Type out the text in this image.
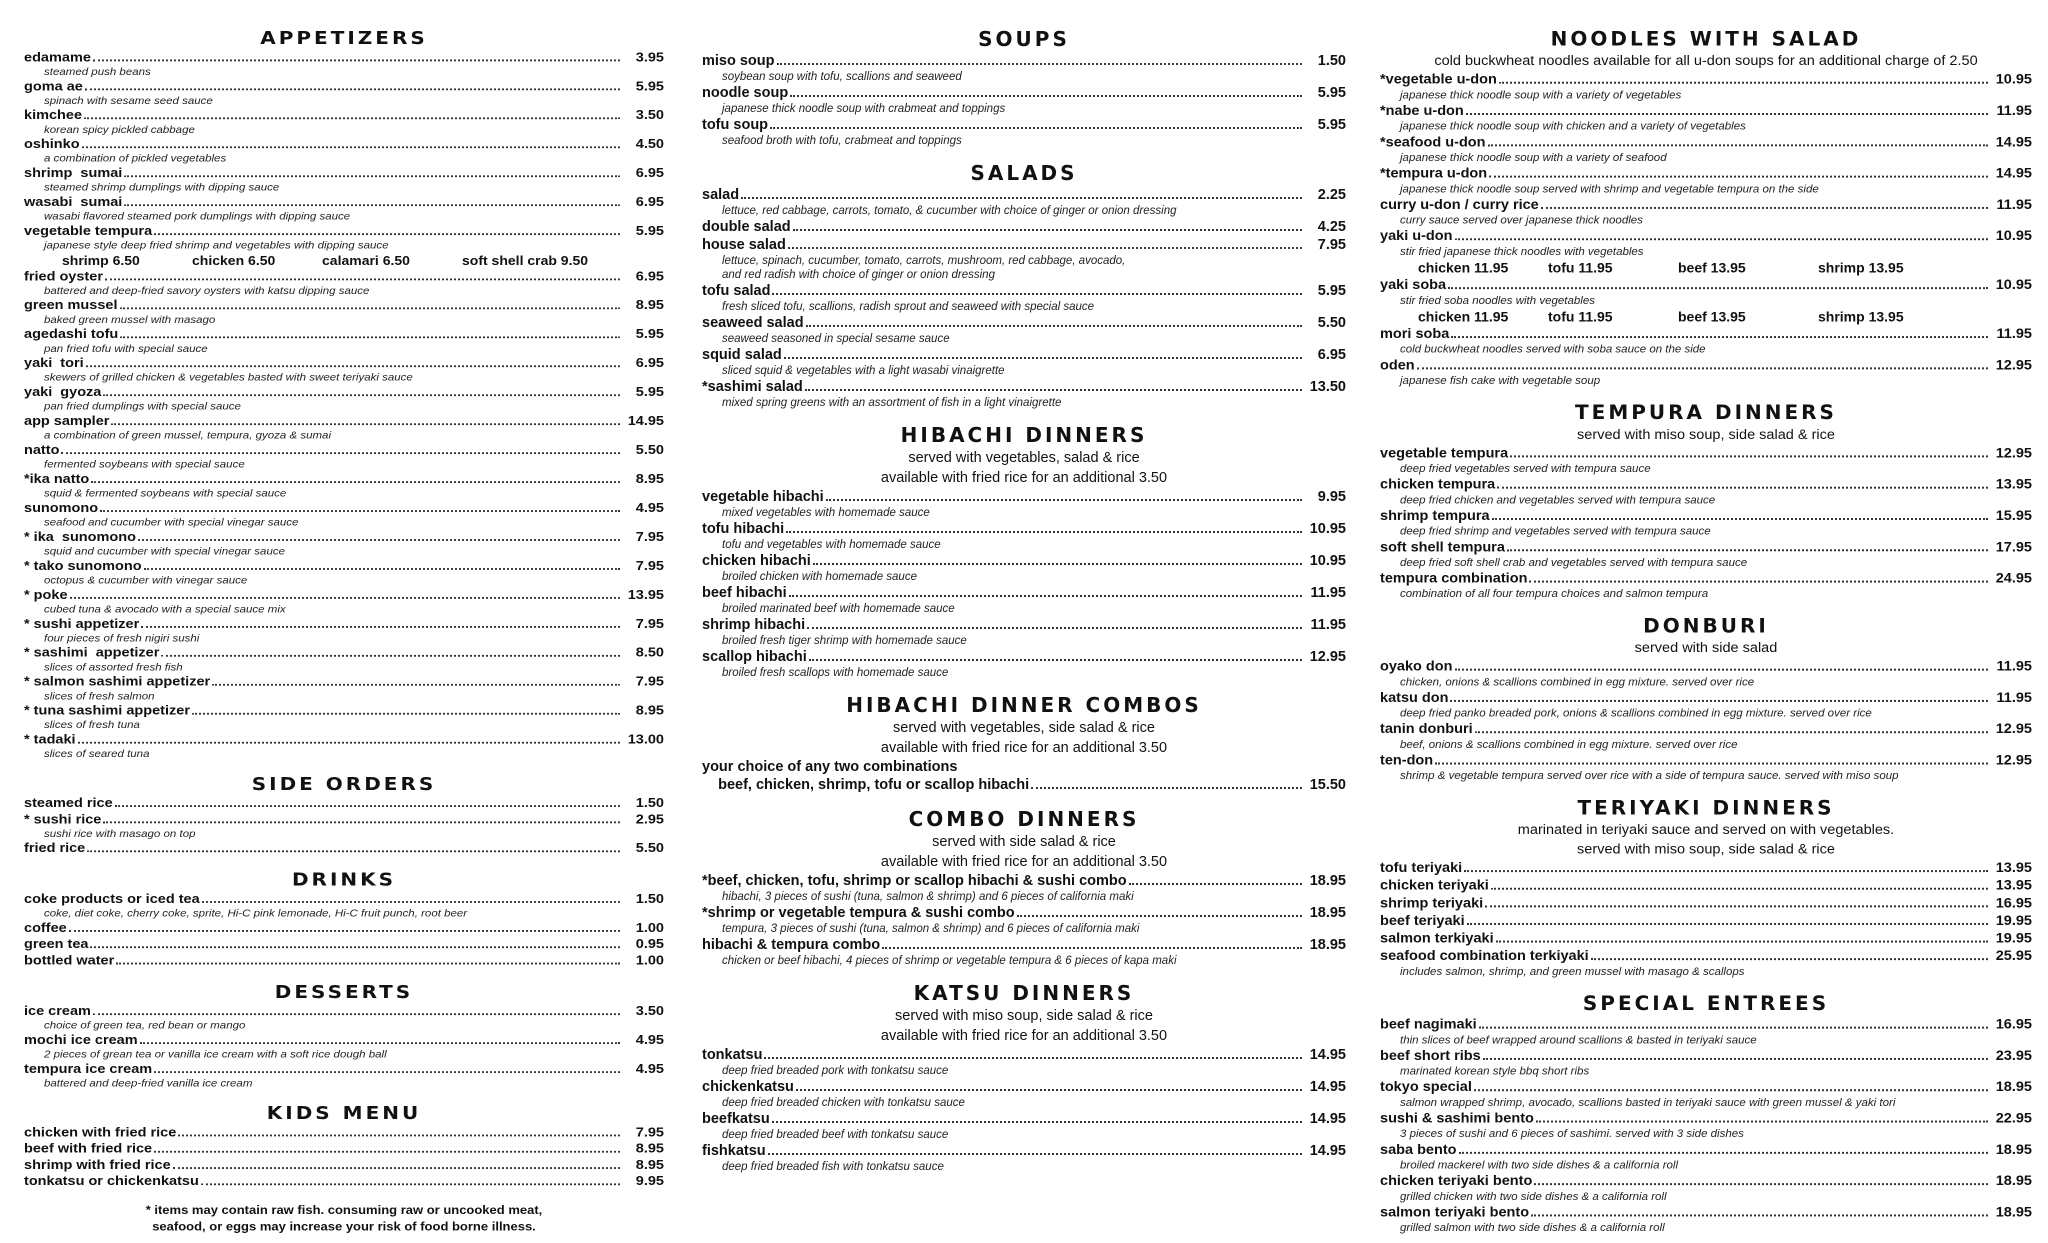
APPETIZERS
edamame	3.95
steamed push beans
goma ae	5.95
spinach with sesame seed sauce
kimchee	3.50
korean spicy pickled cabbage
oshinko	4.50
a combination of pickled vegetables
shrimp  sumai	6.95
steamed shrimp dumplings with dipping sauce
wasabi  sumai	6.95
wasabi flavored steamed pork dumplings with dipping sauce
vegetable tempura	5.95
japanese style deep fried shrimp and vegetables with dipping sauce
shrimp 6.50	chicken 6.50	calamari 6.50	soft shell crab 9.50
fried oyster	6.95
battered and deep-fried savory oysters with katsu dipping sauce
green mussel	8.95
baked green mussel with masago
agedashi tofu	5.95
pan fried tofu with special sauce
yaki  tori	6.95
skewers of grilled chicken & vegetables basted with sweet teriyaki sauce
yaki  gyoza	5.95
pan fried dumplings with special sauce
app sampler	14.95
a combination of green mussel, tempura, gyoza & sumai
natto	5.50
fermented soybeans with special sauce
*ika natto	8.95
squid & fermented soybeans with special sauce
sunomono	4.95
seafood and cucumber with special vinegar sauce
* ika  sunomono	7.95
squid and cucumber with special vinegar sauce
* tako sunomono	7.95
octopus & cucumber with vinegar sauce
* poke	13.95
cubed tuna & avocado with a special sauce mix
* sushi appetizer	7.95
four pieces of fresh nigiri sushi
* sashimi  appetizer	8.50
slices of assorted fresh fish
* salmon sashimi appetizer	7.95
slices of fresh salmon
* tuna sashimi appetizer	8.95
slices of fresh tuna
* tadaki	13.00
slices of seared tuna
SIDE ORDERS
steamed rice	1.50
* sushi rice	2.95
sushi rice with masago on top
fried rice	5.50
DRINKS
coke products or iced tea	1.50
coke, diet coke, cherry coke, sprite, Hi-C pink lemonade, Hi-C fruit punch, root beer
coffee	1.00
green tea	0.95
bottled water	1.00
DESSERTS
ice cream	3.50
choice of green tea, red bean or mango
mochi ice cream	4.95
2 pieces of grean tea or vanilla ice cream with a soft rice dough ball
tempura ice cream	4.95
battered and deep-fried vanilla ice cream
KIDS MENU
chicken with fried rice	7.95
beef with fried rice	8.95
shrimp with fried rice	8.95
tonkatsu or chickenkatsu	9.95
* items may contain raw fish. consuming raw or uncooked meat,
seafood, or eggs may increase your risk of food borne illness.
SOUPS
miso soup	1.50
soybean soup with tofu, scallions and seaweed
noodle soup	5.95
japanese thick noodle soup with crabmeat and toppings
tofu soup	5.95
seafood broth with tofu, crabmeat and toppings
SALADS
salad	2.25
lettuce, red cabbage, carrots, tomato, & cucumber with choice of ginger or onion dressing
double salad	4.25
house salad	7.95
lettuce, spinach, cucumber, tomato, carrots, mushroom, red cabbage, avocado,
and red radish with choice of ginger or onion dressing
tofu salad	5.95
fresh sliced tofu, scallions, radish sprout and seaweed with special sauce
seaweed salad	5.50
seaweed seasoned in special sesame sauce
squid salad	6.95
sliced squid & vegetables with a light wasabi vinaigrette
*sashimi salad	13.50
mixed spring greens with an assortment of fish in a light vinaigrette
HIBACHI DINNERS
served with vegetables, salad & rice
available with fried rice for an additional 3.50
vegetable hibachi	9.95
mixed vegetables with homemade sauce
tofu hibachi	10.95
tofu and vegetables with homemade sauce
chicken hibachi	10.95
broiled chicken with homemade sauce
beef hibachi	11.95
broiled marinated beef with homemade sauce
shrimp hibachi	11.95
broiled fresh tiger shrimp with homemade sauce
scallop hibachi	12.95
broiled fresh scallops with homemade sauce
HIBACHI DINNER COMBOS
served with vegetables, side salad & rice
available with fried rice for an additional 3.50
your choice of any two combinations
beef, chicken, shrimp, tofu or scallop hibachi	15.50
COMBO DINNERS
served with side salad & rice
available with fried rice for an additional 3.50
*beef, chicken, tofu, shrimp or scallop hibachi & sushi combo	18.95
hibachi, 3 pieces of sushi (tuna, salmon & shrimp) and 6 pieces of california maki
*shrimp or vegetable tempura & sushi combo	18.95
tempura, 3 pieces of sushi (tuna, salmon & shrimp) and 6 pieces of california maki
hibachi & tempura combo	18.95
chicken or beef hibachi, 4 pieces of shrimp or vegetable tempura & 6 pieces of kapa maki
KATSU DINNERS
served with miso soup, side salad & rice
available with fried rice for an additional 3.50
tonkatsu	14.95
deep fried breaded pork with tonkatsu sauce
chickenkatsu	14.95
deep fried breaded chicken with tonkatsu sauce
beefkatsu	14.95
deep fried breaded beef with tonkatsu sauce
fishkatsu	14.95
deep fried breaded fish with tonkatsu sauce
NOODLES WITH SALAD
cold buckwheat noodles available for all u-don soups for an additional charge of 2.50
*vegetable u-don	10.95
japanese thick noodle soup with a variety of vegetables
*nabe u-don	11.95
japanese thick noodle soup with chicken and a variety of vegetables
*seafood u-don	14.95
japanese thick noodle soup with a variety of seafood
*tempura u-don	14.95
japanese thick noodle soup served with shrimp and vegetable tempura on the side
curry u-don / curry rice	11.95
curry sauce served over japanese thick noodles
yaki u-don	10.95
stir fried japanese thick noodles with vegetables
chicken 11.95	tofu 11.95	beef 13.95	shrimp 13.95
yaki soba	10.95
stir fried soba noodles with vegetables
chicken 11.95	tofu 11.95	beef 13.95	shrimp 13.95
mori soba	11.95
cold buckwheat noodles served with soba sauce on the side
oden	12.95
japanese fish cake with vegetable soup
TEMPURA DINNERS
served with miso soup, side salad & rice
vegetable tempura	12.95
deep fried vegetables served with tempura sauce
chicken tempura	13.95
deep fried chicken and vegetables served with tempura sauce
shrimp tempura	15.95
deep fried shrimp and vegetables served with tempura sauce
soft shell tempura	17.95
deep fried soft shell crab and vegetables served with tempura sauce
tempura combination	24.95
combination of all four tempura choices and salmon tempura
DONBURI
served with side salad
oyako don	11.95
chicken, onions & scallions combined in egg mixture. served over rice
katsu don	11.95
deep fried panko breaded pork, onions & scallions combined in egg mixture. served over rice
tanin donburi	12.95
beef, onions & scallions combined in egg mixture. served over rice
ten-don	12.95
shrimp & vegetable tempura served over rice with a side of tempura sauce. served with miso soup
TERIYAKI DINNERS
marinated in teriyaki sauce and served on with vegetables.
served with miso soup, side salad & rice
tofu teriyaki	13.95
chicken teriyaki	13.95
shrimp teriyaki	16.95
beef teriyaki	19.95
salmon terkiyaki	19.95
seafood combination terkiyaki	25.95
includes salmon, shrimp, and green mussel with masago & scallops
SPECIAL ENTREES
beef nagimaki	16.95
thin slices of beef wrapped around scallions & basted in teriyaki sauce
beef short ribs	23.95
marinated korean style bbq short ribs
tokyo special	18.95
salmon wrapped shrimp, avocado, scallions basted in teriyaki sauce with green mussel & yaki tori
sushi & sashimi bento	22.95
3 pieces of sushi and 6 pieces of sashimi. served with 3 side dishes
saba bento	18.95
broiled mackerel with two side dishes & a california roll
chicken teriyaki bento	18.95
grilled chicken with two side dishes & a california roll
salmon teriyaki bento	18.95
grilled salmon with two side dishes & a california roll
